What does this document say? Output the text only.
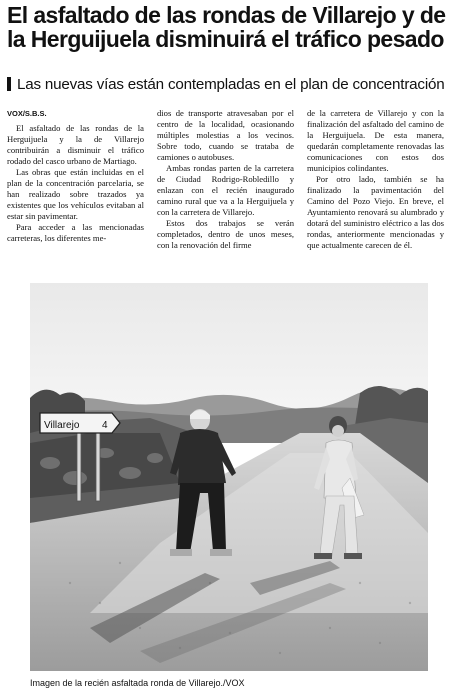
El asfaltado de las rondas de Villarejo y de la Herguijuela disminuirá el tráfico pesado
Las nuevas vías están contempladas en el plan de concentración

VOX/S.B.S.

El asfaltado de las rondas de la Herguijuela y la de Villarejo contribuirán a disminuir el tráfico rodado del casco urbano de Martiago.

Las obras que están incluidas en el plan de la concentración parcelaria, se han realizado sobre trazados ya existentes que los vehículos evitaban al estar sin pavimentar.

Para acceder a las mencionadas carreteras, los diferentes me-

dios de transporte atravesaban por el centro de la localidad, ocasionando múltiples molestias a los vecinos. Sobre todo, cuando se trataba de camiones o autobuses.

Ambas rondas parten de la carretera de Ciudad Rodrigo-Robledillo y enlazan con el recién inaugurado camino rural que va a la Herguijuela y con la carretera de Villarejo.

Estos dos trabajos se verán completados, dentro de unos meses, con la renovación del firme

de la carretera de Villarejo y con la finalización del asfaltado del camino de la Herguijuela. De esta manera, quedarán completamente renovadas las comunicaciones con estos dos municipios colindantes.

Por otro lado, también se ha finalizado la pavimentación del Camino del Pozo Viejo. En breve, el Ayuntamiento renovará su alumbrado y dotará del suministro eléctrico a las dos rondas, anteriormente mencionadas y que actualmente carecen de él.

Villarejo 4
Imagen de la recién asfaltada ronda de Villarejo./VOX
